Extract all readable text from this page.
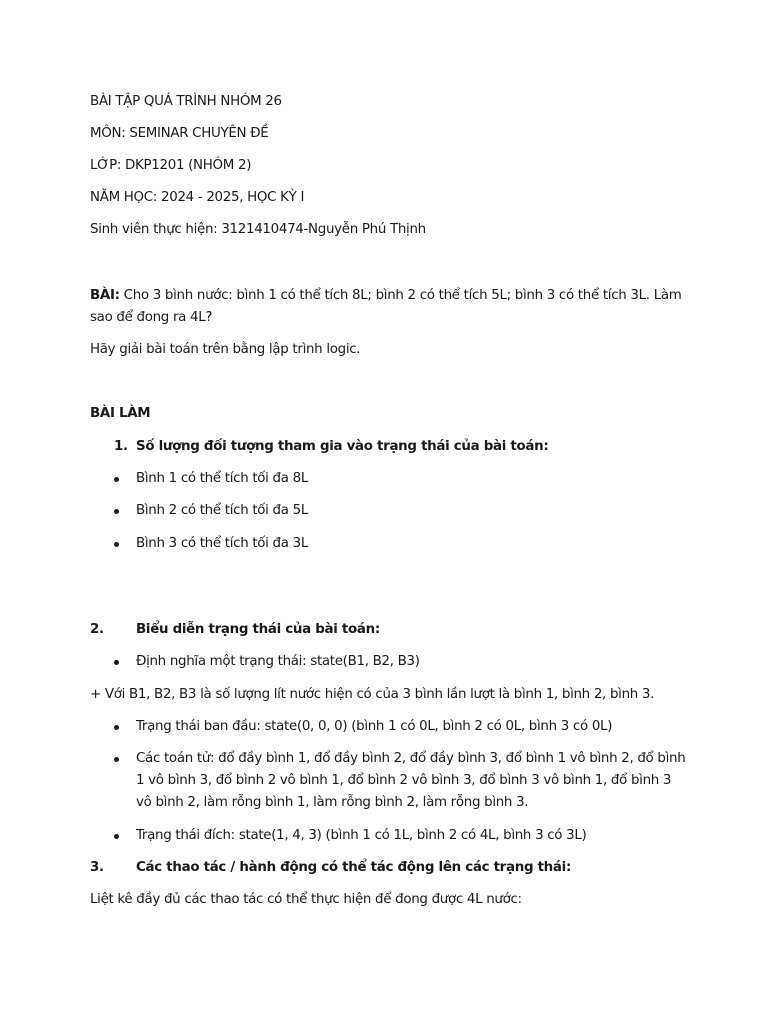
BÀI TẬP QUÁ TRÌNH NHÓM 26
MÔN: SEMINAR CHUYÊN ĐỀ
LỚP: DKP1201 (NHÓM 2)
NĂM HỌC: 2024 - 2025, HỌC KỲ I
Sinh viên thực hiện: 3121410474-Nguyễn Phú Thịnh
BÀI: Cho 3 bình nước: bình 1 có thể tích 8L; bình 2 có thể tích 5L; bình 3 có thể tích 3L. Làm sao để đong ra 4L?
Hãy giải bài toán trên bằng lập trình logic.
BÀI LÀM
1. Số lượng đối tượng tham gia vào trạng thái của bài toán:
Bình 1 có thể tích tối đa 8L
Bình 2 có thể tích tối đa 5L
Bình 3 có thể tích tối đa 3L
2. Biểu diễn trạng thái của bài toán:
Định nghĩa một trạng thái: state(B1, B2, B3)
+ Với B1, B2, B3 là số lượng lít nước hiện có của 3 bình lần lượt là bình 1, bình 2, bình 3.
Trạng thái ban đầu: state(0, 0, 0) (bình 1 có 0L, bình 2 có 0L, bình 3 có 0L)
Các toán tử: đổ đầy bình 1, đổ đầy bình 2, đổ đầy bình 3, đổ bình 1 vô bình 2, đổ bình 1 vô bình 3, đổ bình 2 vô bình 1, đổ bình 2 vô bình 3, đổ bình 3 vô bình 1, đổ bình 3 vô bình 2, làm rỗng bình 1, làm rỗng bình 2, làm rỗng bình 3.
Trạng thái đích: state(1, 4, 3) (bình 1 có 1L, bình 2 có 4L, bình 3 có 3L)
3. Các thao tác / hành động có thể tác động lên các trạng thái:
Liệt kê đầy đủ các thao tác có thể thực hiện để đong được 4L nước:
